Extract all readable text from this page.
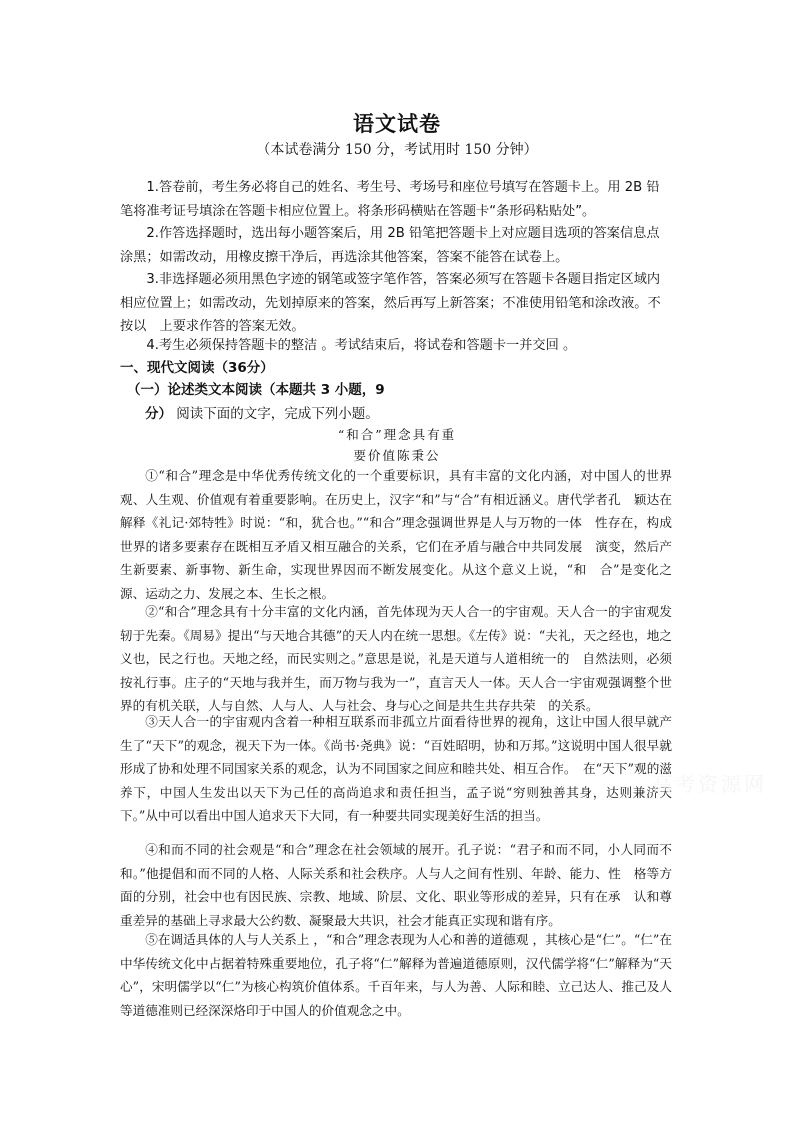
语文试卷
（本试卷满分 150 分，考试用时 150 分钟）

1.答卷前，考生务必将自己的姓名、考生号、考场号和座位号填写在答题卡上。用 2B 铅笔将准考证号填涂在答题卡相应位置上。将条形码横贴在答题卡“条形码粘贴处”。

2.作答选择题时，选出每小题答案后，用 2B 铅笔把答题卡上对应题目选项的答案信息点涂黑；如需改动，用橡皮擦干净后，再选涂其他答案，答案不能答在试卷上。

3.非选择题必须用黑色字迹的钢笔或签字笔作答，答案必须写在答题卡各题目指定区域内相应位置上；如需改动，先划掉原来的答案，然后再写上新答案；不准使用铅笔和涂改液。不按以　上要求作答的答案无效。

4.考生必须保持答题卡的整洁 。考试结束后，将试卷和答题卡一并交回 。

一、现代文阅读（36分）

（一）论述类文本阅读（本题共 3 小题，9
分） 阅读下面的文字，完成下列小题。

“和合”理念具有重

要价值陈秉公

①“和合”理念是中华优秀传统文化的一个重要标识，具有丰富的文化内涵，对中国人的世界观、人生观、价值观有着重要影响。在历史上，汉字“和”与“合”有相近涵义。唐代学者孔　颖达在解释《礼记·郊特牲》时说：“和，犹合也。”“和合”理念强调世界是人与万物的一体　性存在，构成世界的诸多要素存在既相互矛盾又相互融合的关系，它们在矛盾与融合中共同发展　演变，然后产生新要素、新事物、新生命，实现世界因而不断发展变化。从这个意义上说，“和　合”是变化之源、运动之力、发展之本、生长之根。

②“和合”理念具有十分丰富的文化内涵，首先体现为天人合一的宇宙观。天人合一的宇宙观发轫于先秦。《周易》提出“与天地合其德”的天人内在统一思想。《左传》说：“夫礼，天之经也，地之义也，民之行也。天地之经，而民实则之。”意思是说，礼是天道与人道相统一的　自然法则，必须按礼行事。庄子的“天地与我并生，而万物与我为一”，直言天人一体。天人合一宇宙观强调整个世界的有机关联，人与自然、人与人、人与社会、身与心之间是共生共存共荣　的关系。

③天人合一的宇宙观内含着一种相互联系而非孤立片面看待世界的视角，这让中国人很早就产生了“天下”的观念，视天下为一体。《尚书·尧典》说：“百姓昭明，协和万邦。”这说明中国人很早就形成了协和处理不同国家关系的观念，认为不同国家之间应和睦共处、相互合作。　在“天下”观的滋养下，中国人生发出以天下为己任的高尚追求和责任担当，孟子说“穷则独善其身，达则兼济天下。”从中可以看出中国人追求天下大同，有一种要共同实现美好生活的担当。

④和而不同的社会观是“和合”理念在社会领域的展开。孔子说：“君子和而不同，小人同而不和。”他提倡和而不同的人格、人际关系和社会秩序。人与人之间有性别、年龄、能力、性　格等方面的分别，社会中也有因民族、宗教、地域、阶层、文化、职业等形成的差异，只有在承　认和尊重差异的基础上寻求最大公约数、凝聚最大共识，社会才能真正实现和谐有序。

⑤在调适具体的人与人关系上 ，“和合”理念表现为人心和善的道德观 ，其核心是“仁”。“仁”在中华传统文化中占据着特殊重要地位，孔子将“仁”解释为普遍道德原则，汉代儒学将“仁”解释为“天心”，宋明儒学以“仁”为核心构筑价值体系。千百年来，与人为善、人际和睦、立己达人、推己及人等道德准则已经深深烙印于中国人的价值观念之中。

高考资源网
